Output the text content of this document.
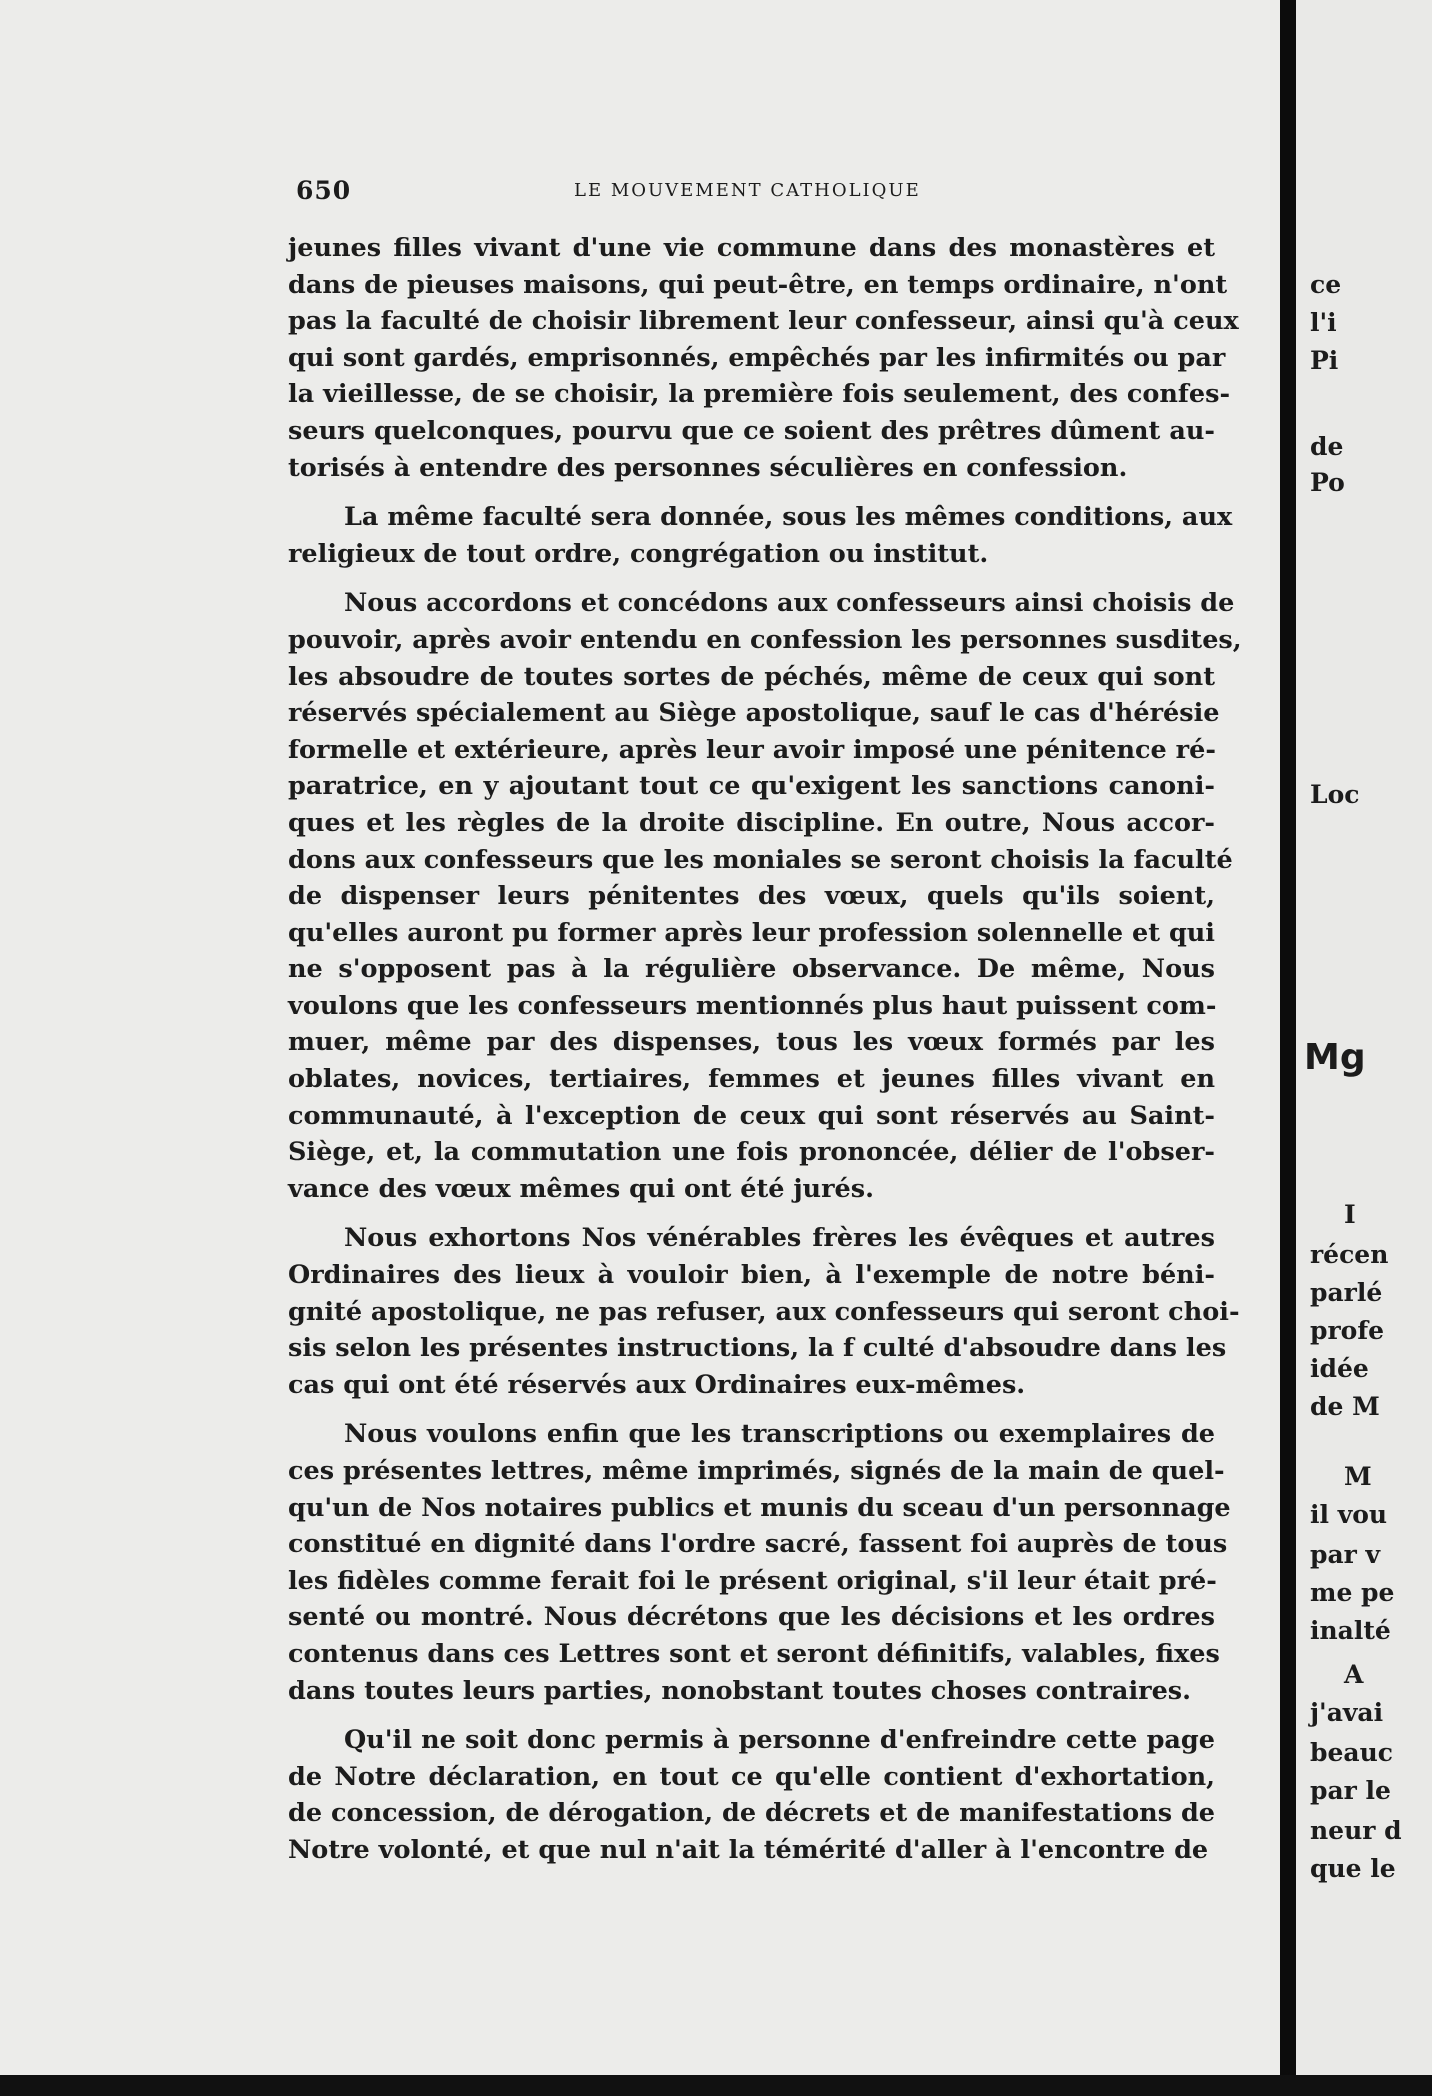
650	LE MOUVEMENT CATHOLIQUE
jeunes filles vivant d'une vie commune dans des monastères et
dans de pieuses maisons, qui peut-être, en temps ordinaire, n'ont
pas la faculté de choisir librement leur confesseur, ainsi qu'à ceux
qui sont gardés, emprisonnés, empêchés par les infirmités ou par
la vieillesse, de se choisir, la première fois seulement, des confes-
seurs quelconques, pourvu que ce soient des prêtres dûment au-
torisés à entendre des personnes séculières en confession.
La même faculté sera donnée, sous les mêmes conditions, aux
religieux de tout ordre, congrégation ou institut.
Nous accordons et concédons aux confesseurs ainsi choisis de
pouvoir, après avoir entendu en confession les personnes susdites,
les absoudre de toutes sortes de péchés, même de ceux qui sont
réservés spécialement au Siège apostolique, sauf le cas d'hérésie
formelle et extérieure, après leur avoir imposé une pénitence ré-
paratrice, en y ajoutant tout ce qu'exigent les sanctions canoni-
ques et les règles de la droite discipline. En outre, Nous accor-
dons aux confesseurs que les moniales se seront choisis la faculté
de dispenser leurs pénitentes des vœux, quels qu'ils soient,
qu'elles auront pu former après leur profession solennelle et qui
ne s'opposent pas à la régulière observance. De même, Nous
voulons que les confesseurs mentionnés plus haut puissent com-
muer, même par des dispenses, tous les vœux formés par les
oblates, novices, tertiaires, femmes et jeunes filles vivant en
communauté, à l'exception de ceux qui sont réservés au Saint-
Siège, et, la commutation une fois prononcée, délier de l'obser-
vance des vœux mêmes qui ont été jurés.
Nous exhortons Nos vénérables frères les évêques et autres
Ordinaires des lieux à vouloir bien, à l'exemple de notre béni-
gnité apostolique, ne pas refuser, aux confesseurs qui seront choi-
sis selon les présentes instructions, la f culté d'absoudre dans les
cas qui ont été réservés aux Ordinaires eux-mêmes.
Nous voulons enfin que les transcriptions ou exemplaires de
ces présentes lettres, même imprimés, signés de la main de quel-
qu'un de Nos notaires publics et munis du sceau d'un personnage
constitué en dignité dans l'ordre sacré, fassent foi auprès de tous
les fidèles comme ferait foi le présent original, s'il leur était pré-
senté ou montré. Nous décrétons que les décisions et les ordres
contenus dans ces Lettres sont et seront définitifs, valables, fixes
dans toutes leurs parties, nonobstant toutes choses contraires.
Qu'il ne soit donc permis à personne d'enfreindre cette page
de Notre déclaration, en tout ce qu'elle contient d'exhortation,
de concession, de dérogation, de décrets et de manifestations de
Notre volonté, et que nul n'ait la témérité d'aller à l'encontre de
Mg
ce
l'i
Pi
de
Po
Loc
I
récen
parlé
profe
idée
de M
M
il vou
par v
me pe
inalté
A
j'avai
beauc
par le
neur d
que le
